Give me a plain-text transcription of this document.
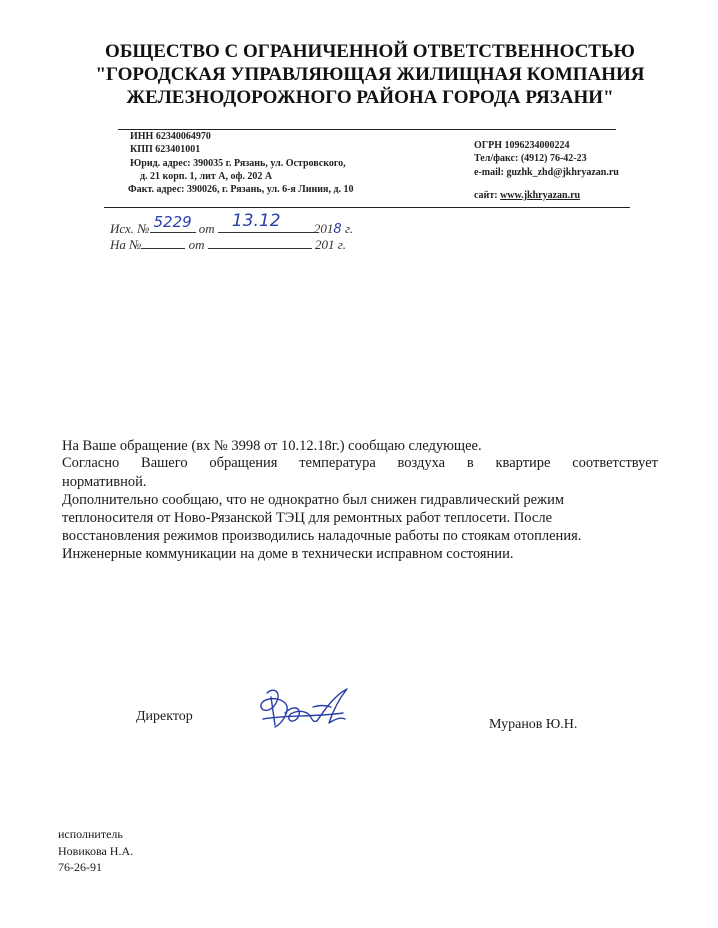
ОБЩЕСТВО С ОГРАНИЧЕННОЙ ОТВЕТСТВЕННОСТЬЮ
"ГОРОДСКАЯ УПРАВЛЯЮЩАЯ ЖИЛИЩНАЯ КОМПАНИЯ
ЖЕЛЕЗНОДОРОЖНОГО РАЙОНА ГОРОДА РЯЗАНИ"
ИНН 62340064970
КПП 623401001
Юрид. адрес: 390035 г. Рязань, ул. Островского,
д. 21 корп. 1, лит А, оф. 202 А
Факт. адрес: 390026, г. Рязань, ул. 6-я Линия, д. 10
ОГРН 1096234000224
Тел/факс: (4912) 76-42-23
e-mail: guzhk_zhd@jkhryazan.ru
сайт: www.jkhryazan.ru
Исх. № 5229 от 13.12	2018 г.
На №	от	201 г.
На Ваше обращение (вх № 3998 от 10.12.18г.) сообщаю следующее.
Согласно Вашего обращения температура воздуха в квартире соответствует
нормативной.
Дополнительно сообщаю, что не однократно был снижен гидравлический режим
теплоносителя от Ново-Рязанской ТЭЦ для ремонтных работ теплосети. После
восстановления режимов производились наладочные работы по стоякам отопления.
Инженерные коммуникации на доме в технически исправном состоянии.
Директор
Муранов Ю.Н.
исполнитель
Новикова Н.А.
76-26-91
